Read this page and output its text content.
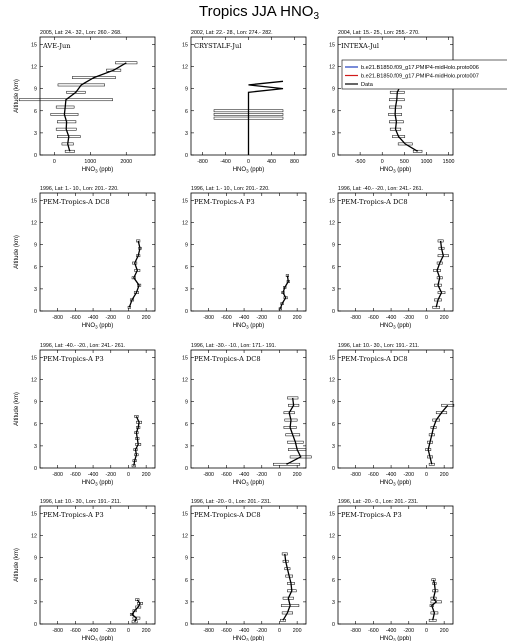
Tropics JJA $HNO_3$
2005, Lat: 24.- 32., Lon: 260.- 268.
AVE-Jun
0
3
6
9
12
15
0	1000	2000
Altitude (km)
$HNO_3$ (ppb)
2002, Lat: 22.- 28., Lon: 274.- 282.
CRYSTALF-Jul
0
3
6
9
12
15
-800 -400	0	400	800
$HNO_3$ (ppb)
2004, Lat: 15.- 25., Lon: 255.- 270.
INTEXA-Jul
0
3
6
9
12
15
-500	0	500 1000 1500
$HNO_3$ (ppb)
b.e21.B1850.f09_g17.PMIP4-midHolo.proto006
b.e21.B1850.f09_g17.PMIP4-midHolo.proto007
Data
1996, Lat: 1.- 10., Lon: 201.- 220.
PEM-Tropics-A DC8
0
3
6
9
12
15
-800 -600 -400 -200 0 200
Altitude (km)
$HNO_3$ (ppb)
1996, Lat: 1.- 10., Lon: 201.- 220.
PEM-Tropics-A P3
0
3
6
9
12
15
-800 -600 -400 -200 0 200
$HNO_3$ (ppb)
1996, Lat: -40.- -20., Lon: 241.- 261.
PEM-Tropics-A DC8
0
3
6
9
12
15
-800 -600 -400 -200 0 200
$HNO_3$ (ppb)
1996, Lat: -40.- -20., Lon: 241.- 261.
PEM-Tropics-A P3
0
3
6
9
12
15
-800 -600 -400 -200 0 200
Altitude (km)
$HNO_3$ (ppb)
1996, Lat: -30.- -10., Lon: 171.- 191.
PEM-Tropics-A DC8
0
3
6
9
12
15
-800 -600 -400 -200 0 200
$HNO_3$ (ppb)
1996, Lat: 10.- 30., Lon: 191.- 211.
PEM-Tropics-A DC8
0
3
6
9
12
15
-800 -600 -400 -200 0 200
$HNO_3$ (ppb)
1996, Lat: 10.- 30., Lon: 191.- 211.
PEM-Tropics-A P3
0
3
6
9
12
15
-800 -600 -400 -200 0 200
Altitude (km)
$HNO_3$ (ppb)
1996, Lat: -20.- 0., Lon: 201.- 231.
PEM-Tropics-A DC8
0
3
6
9
12
15
-800 -600 -400 -200 0 200
$HNO_3$ (ppb)
1996, Lat: -20.- 0., Lon: 201.- 231.
PEM-Tropics-A P3
0
3
6
9
12
15
-800 -600 -400 -200 0 200
$HNO_3$ (ppb)
